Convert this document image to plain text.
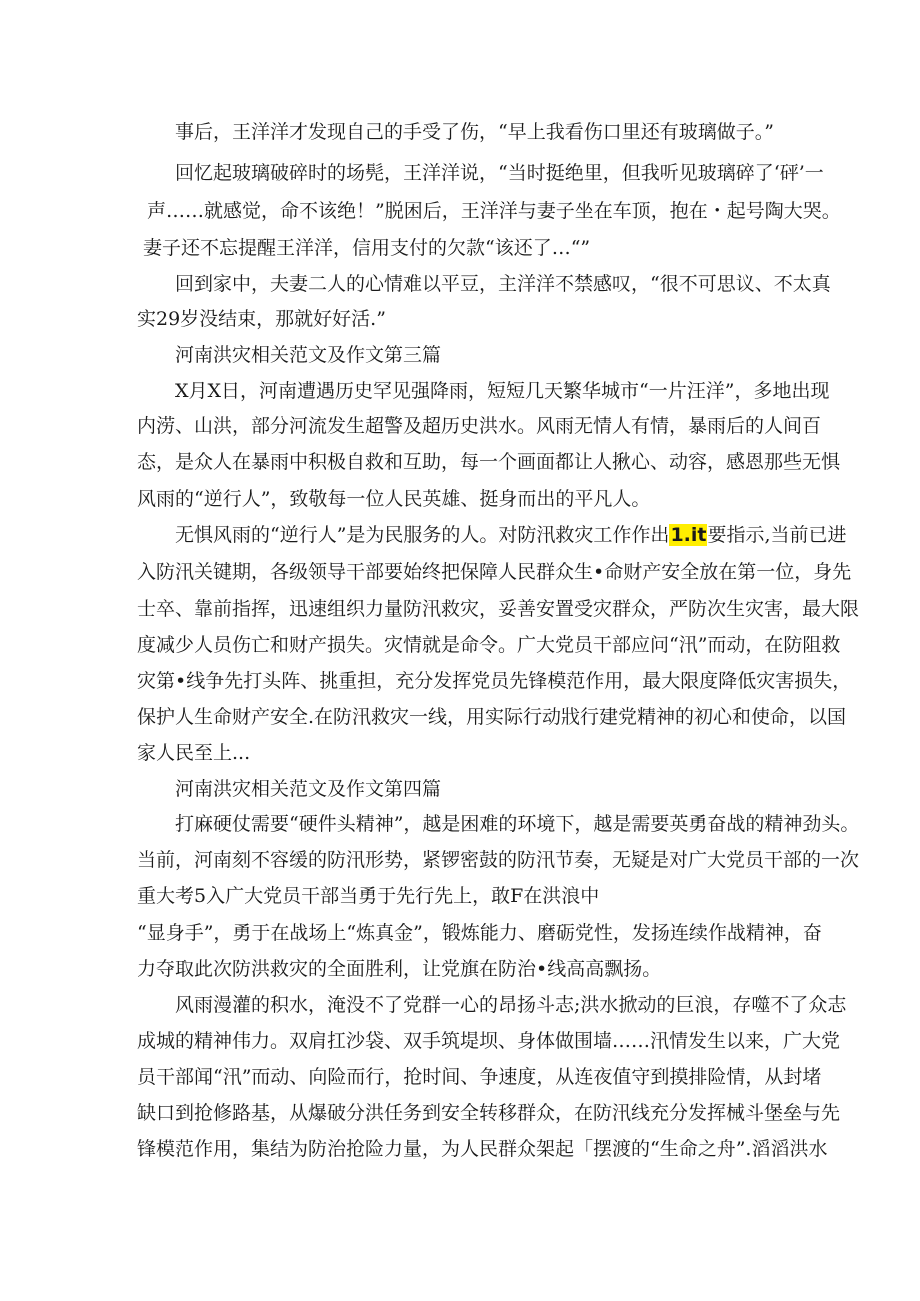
事后，王洋洋才发现自己的手受了伤，“早上我看伤口里还有玻璃做子。”
回忆起玻璃破碎时的场髡，王洋洋说，“当时挺绝里，但我听见玻璃碎了‘砰’一
声……就感觉，命不该绝！”脱困后，王洋洋与妻子坐在车顶，抱在・起号陶大哭。
妻子还不忘提醒王洋洋，信用支付的欠款“该还了…“”
回到家中，夫妻二人的心情难以平豆，主洋洋不禁感叹，“很不可思议、不太真
实29岁没结束，那就好好活.”
河南洪灾相关范文及作文第三篇
X月X日，河南遭遇历史罕见强降雨，短短几天繁华城市“一片汪洋”，多地出现
内涝、山洪，部分河流发生超警及超历史洪水。风雨无情人有情，暴雨后的人间百
态，是众人在暴雨中积极自救和互助，每一个画面都让人揪心、动容，感恩那些无惧
风雨的“逆行人”，致敬每一位人民英雄、挺身而出的平凡人。
无惧风雨的“逆行人”是为民服务的人。对防汛救灾工作作出1.it要指示,当前已进
入防汛关键期，各级领导干部要始终把保障人民群众生•命财产安全放在第一位，身先
士卒、靠前指挥，迅速组织力量防汛救灾，妥善安置受灾群众，严防次生灾害，最大限
度减少人员伤亡和财产损失。灾情就是命令。广大党员干部应问“汛”而动，在防阻救
灾第•线争先打头阵、挑重担，充分发挥党员先锋模范作用，最大限度降低灾害损失，
保护人生命财产安全.在防汛救灾一线，用实际行动戕行建党精神的初心和使命，以国
家人民至上...
河南洪灾相关范文及作文第四篇
打麻硬仗需要“硬件头精神”，越是困难的环境下，越是需要英勇奋战的精神劲头。
当前，河南刻不容缓的防汛形势，紧锣密鼓的防汛节奏，无疑是对广大党员干部的一次
重大考5入广大党员干部当勇于先行先上，敢F在洪浪中
“显身手”，勇于在战场上“炼真金”，锻炼能力、磨砺党性，发扬连续作战精神，奋
力夺取此次防洪救灾的全面胜利，让党旗在防治•线高高飘扬。
风雨漫灌的积水，淹没不了党群一心的昂扬斗志;洪水掀动的巨浪，存噬不了众志
成城的精神伟力。双肩扛沙袋、双手筑堤坝、身体做围墙……汛情发生以来，广大党
员干部闻“汛”而动、向险而行，抢时间、争速度，从连夜值守到摸排险情，从封堵
缺口到抢修路基，从爆破分洪任务到安全转移群众，在防汛线充分发挥械斗堡垒与先
锋模范作用，集结为防治抢险力量，为人民群众架起「摆渡的“生命之舟”.滔滔洪水
